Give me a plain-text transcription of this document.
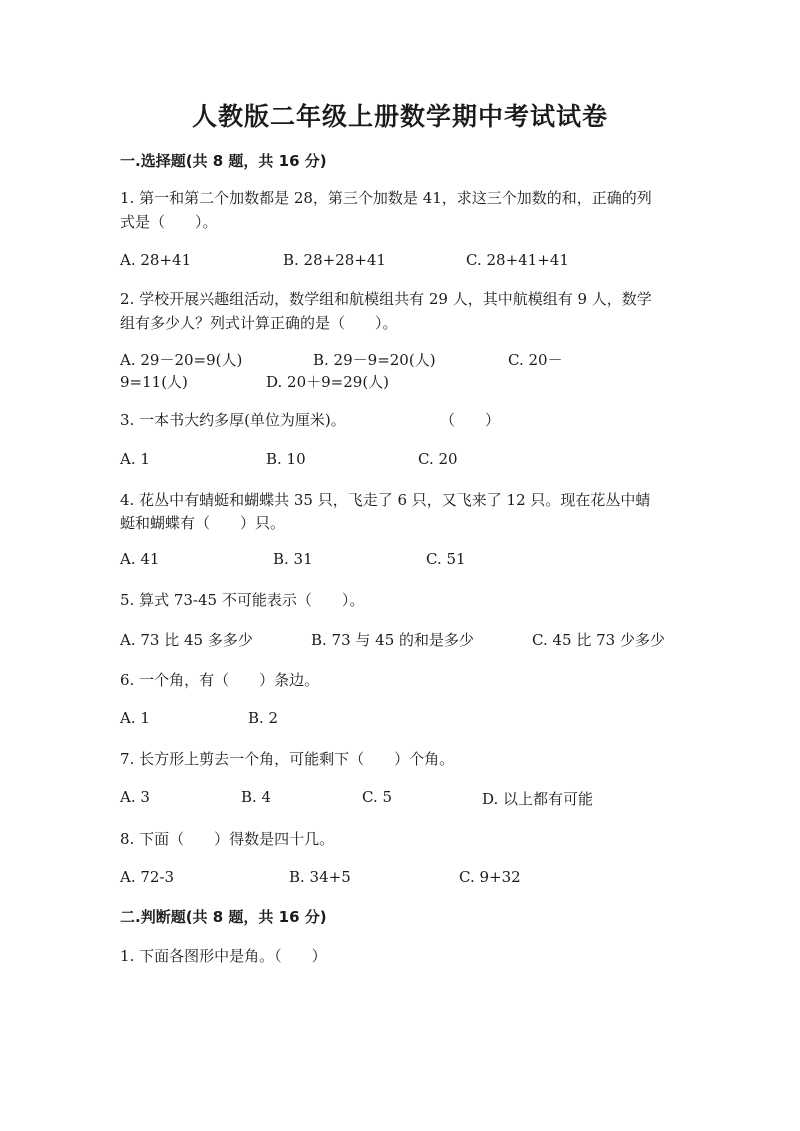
人教版二年级上册数学期中考试试卷
一.选择题(共 8 题，共 16 分)
1. 第一和第二个加数都是 28，第三个加数是 41，求这三个加数的和，正确的列
式是（　　）。
A. 28+41	B. 28+28+41	C. 28+41+41
2. 学校开展兴趣组活动，数学组和航模组共有 29 人，其中航模组有 9 人，数学
组有多少人？列式计算正确的是（　　）。
A. 29－20=9(人)	B. 29－9=20(人)	C. 20－
9=11(人)	D. 20＋9=29(人)
3. 一本书大约多厚(单位为厘米)。	（　　）
A. 1	B. 10	C. 20
4. 花丛中有蜻蜓和蝴蝶共 35 只，飞走了 6 只，又飞来了 12 只。现在花丛中蜻
蜓和蝴蝶有（　　）只。
A. 41	B. 31	C. 51
5. 算式 73-45 不可能表示（　　）。
A. 73 比 45 多多少	B. 73 与 45 的和是多少	C. 45 比 73 少多少
6. 一个角，有（　　）条边。
A. 1	B. 2
7. 长方形上剪去一个角，可能剩下（　　）个角。
A. 3	B. 4	C. 5	D. 以上都有可能
8. 下面（　　）得数是四十几。
A. 72-3	B. 34+5	C. 9+32
二.判断题(共 8 题，共 16 分)
1. 下面各图形中是角。（　　）
